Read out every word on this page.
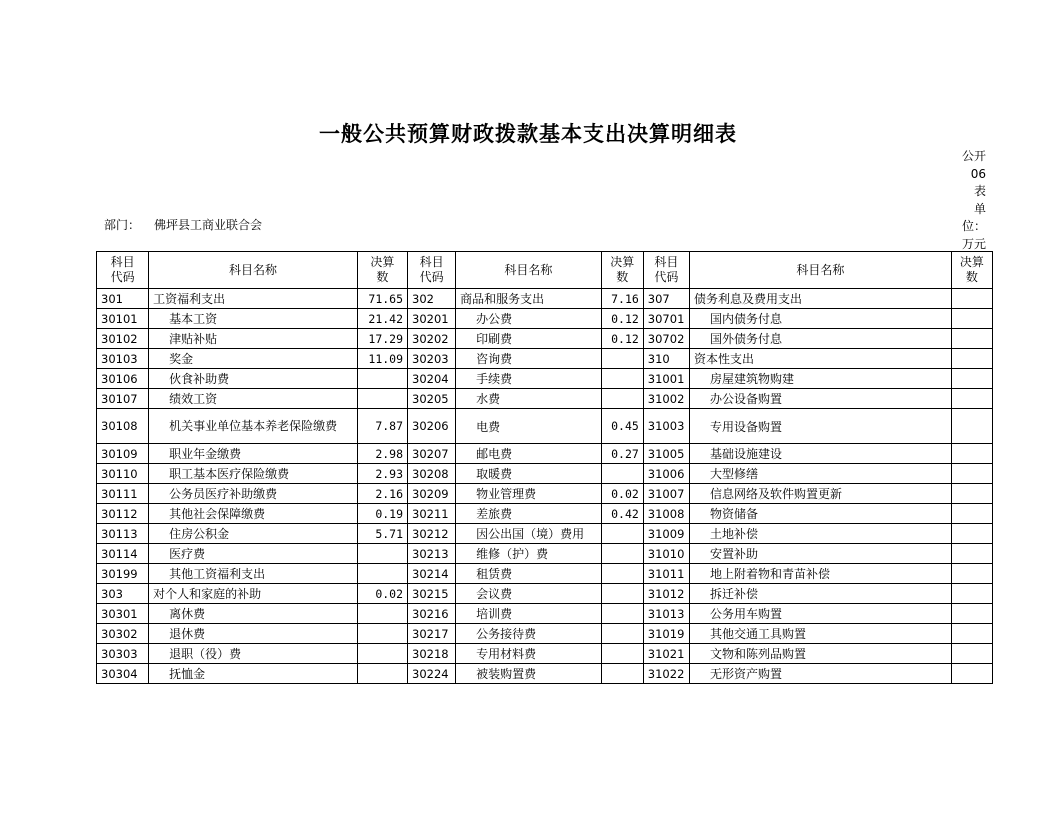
一般公共预算财政拨款基本支出决算明细表
公开
06
表
单
位：
万元
部门： 佛坪县工商业联合会
科目
代码	科目名称	决算
数	科目
代码	科目名称	决算
数	科目
代码	科目名称	决算
数
301	工资福利支出	71.65	302	商品和服务支出	7.16	307	债务利息及费用支出	
30101	基本工资	21.42	30201	办公费	0.12	30701	国内债务付息	
30102	津贴补贴	17.29	30202	印刷费	0.12	30702	国外债务付息	
30103	奖金	11.09	30203	咨询费		310	资本性支出	
30106	伙食补助费		30204	手续费		31001	房屋建筑物购建	
30107	绩效工资		30205	水费		31002	办公设备购置	
30108	机关事业单位基本养老保险缴费	7.87	30206	电费	0.45	31003	专用设备购置	
30109	职业年金缴费	2.98	30207	邮电费	0.27	31005	基础设施建设	
30110	职工基本医疗保险缴费	2.93	30208	取暖费		31006	大型修缮	
30111	公务员医疗补助缴费	2.16	30209	物业管理费	0.02	31007	信息网络及软件购置更新	
30112	其他社会保障缴费	0.19	30211	差旅费	0.42	31008	物资储备	
30113	住房公积金	5.71	30212	因公出国（境）费用		31009	土地补偿	
30114	医疗费		30213	维修（护）费		31010	安置补助	
30199	其他工资福利支出		30214	租赁费		31011	地上附着物和青苗补偿	
303	对个人和家庭的补助	0.02	30215	会议费		31012	拆迁补偿	
30301	离休费		30216	培训费		31013	公务用车购置	
30302	退休费		30217	公务接待费		31019	其他交通工具购置	
30303	退职（役）费		30218	专用材料费		31021	文物和陈列品购置	
30304	抚恤金		30224	被装购置费		31022	无形资产购置	
